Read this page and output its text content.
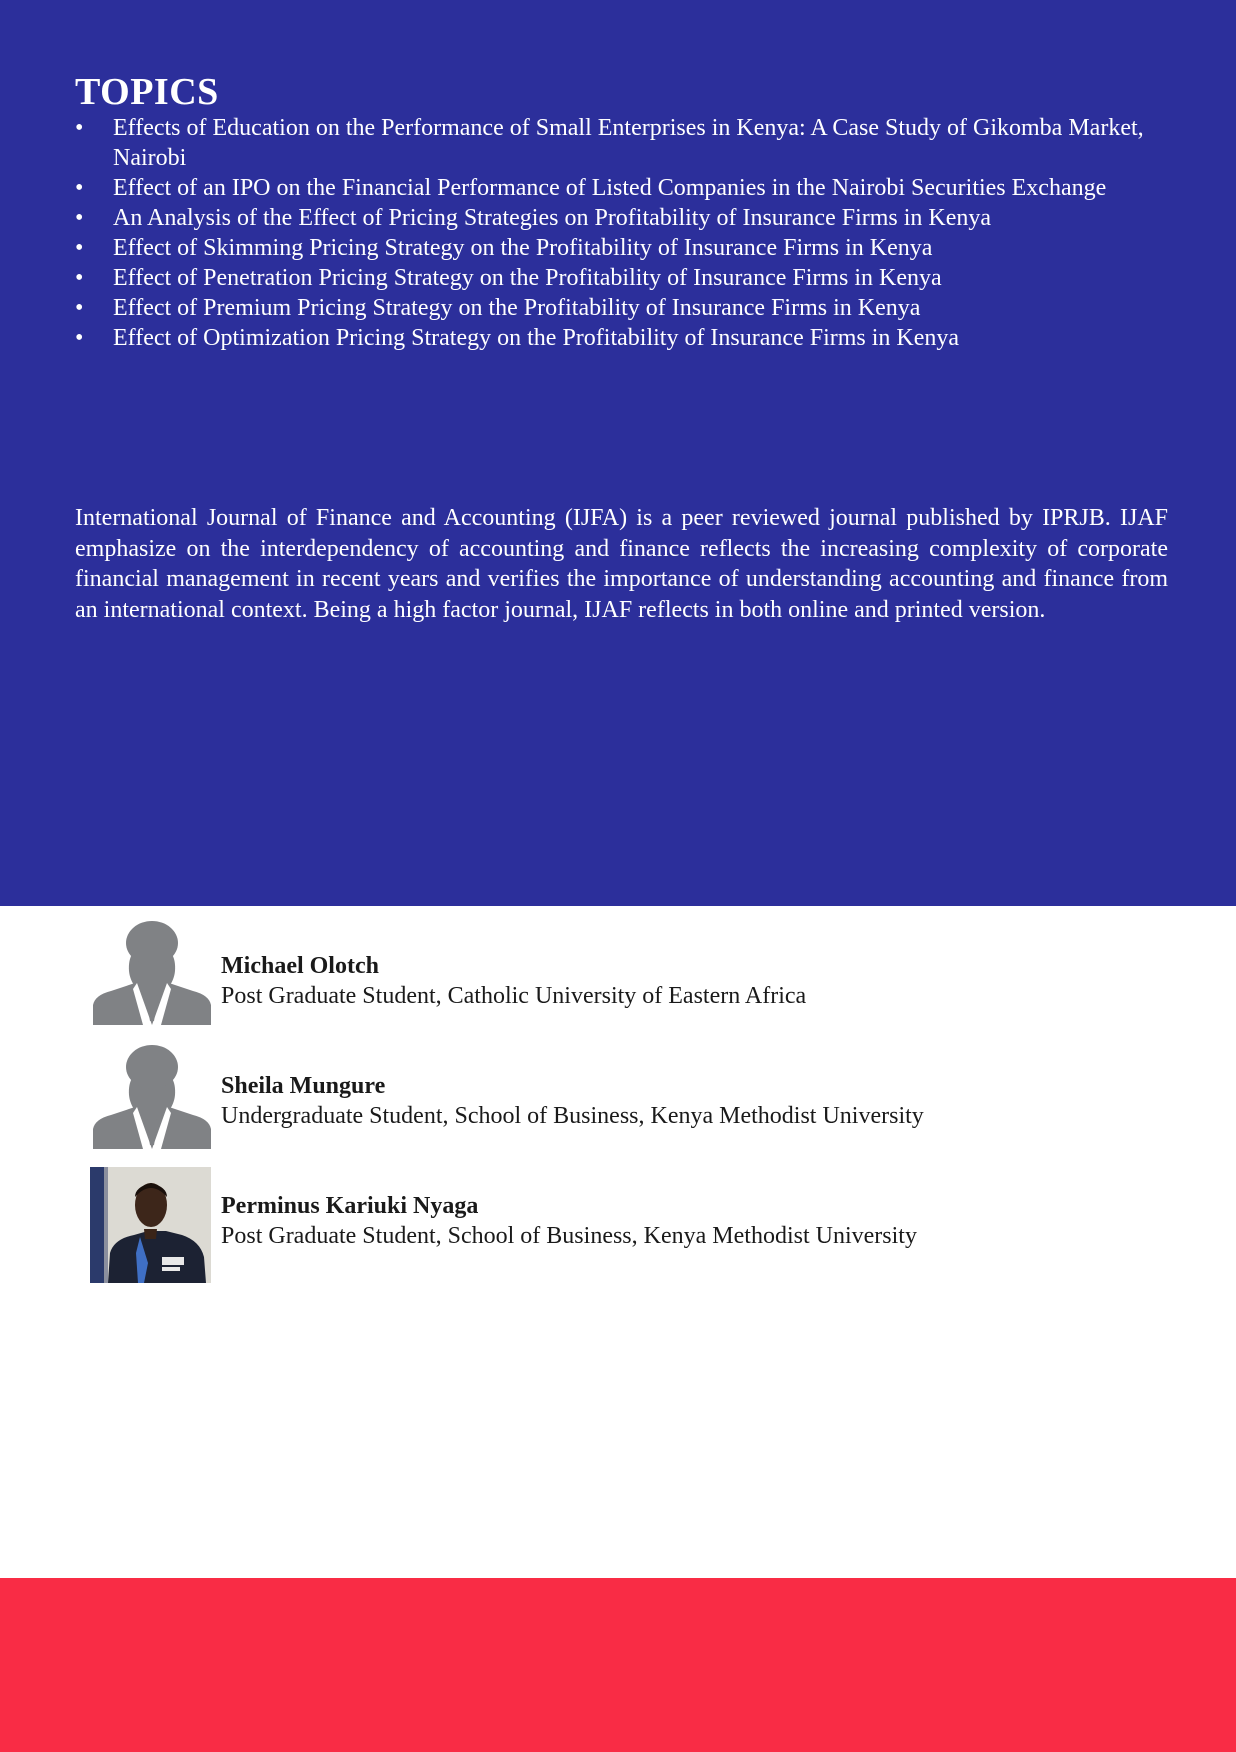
TOPICS
• Effects of Education on the Performance of Small Enterprises in Kenya: A Case Study of Gikomba Market, Nairobi
• Effect of an IPO on the Financial Performance of Listed Companies in the Nairobi Securities Exchange
• An Analysis of the Effect of Pricing Strategies on Profitability of Insurance Firms in Kenya
• Effect of Skimming Pricing Strategy on the Profitability of Insurance Firms in Kenya
• Effect of Penetration Pricing Strategy on the Profitability of Insurance Firms in Kenya
• Effect of Premium Pricing Strategy on the Profitability of Insurance Firms in Kenya
• Effect of Optimization Pricing Strategy on the Profitability of Insurance Firms in Kenya

International Journal of Finance and Accounting (IJFA) is a peer reviewed journal published by IPRJB. IJAF emphasize on the interdependency of accounting and finance reflects the increasing complexity of corporate financial management in recent years and verifies the importance of understanding accounting and finance from an international context. Being a high factor journal, IJAF reflects in both online and printed version.

Michael Olotch
Post Graduate Student, Catholic University of Eastern Africa
Sheila Mungure
Undergraduate Student, School of Business, Kenya Methodist University
Perminus Kariuki Nyaga
Post Graduate Student, School of Business, Kenya Methodist University
